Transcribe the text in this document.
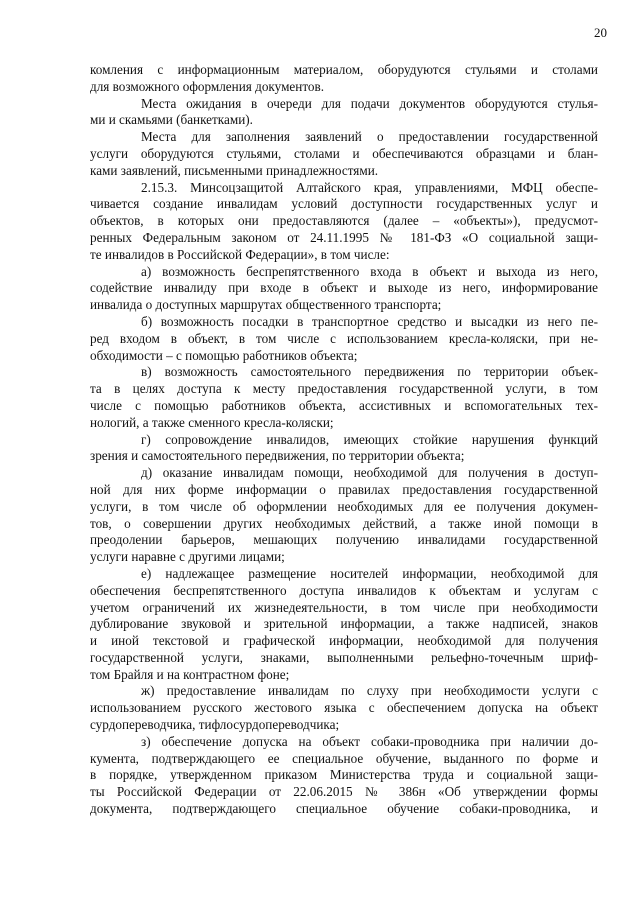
20

комления с информационным материалом, оборудуются стульями и столами

для возможного оформления документов.

Места ожидания в очереди для подачи документов оборудуются стулья-

ми и скамьями (банкетками).

Места для заполнения заявлений о предоставлении государственной

услуги оборудуются стульями, столами и обеспечиваются образцами и блан-

ками заявлений, письменными принадлежностями.

2.15.3. Минсоцзащитой Алтайского края, управлениями, МФЦ обеспе-

чивается создание инвалидам условий доступности государственных услуг и

объектов, в которых они предоставляются (далее – «объекты»), предусмот-

ренных Федеральным законом от 24.11.1995 № 181-ФЗ «О социальной защи-

те инвалидов в Российской Федерации», в том числе:

а) возможность беспрепятственного входа в объект и выхода из него,

содействие инвалиду при входе в объект и выходе из него, информирование

инвалида о доступных маршрутах общественного транспорта;

б) возможность посадки в транспортное средство и высадки из него пе-

ред входом в объект, в том числе с использованием кресла-коляски, при не-

обходимости – с помощью работников объекта;

в) возможность самостоятельного передвижения по территории объек-

та в целях доступа к месту предоставления государственной услуги, в том

числе с помощью работников объекта, ассистивных и вспомогательных тех-

нологий, а также сменного кресла-коляски;

г) сопровождение инвалидов, имеющих стойкие нарушения функций

зрения и самостоятельного передвижения, по территории объекта;

д) оказание инвалидам помощи, необходимой для получения в доступ-

ной для них форме информации о правилах предоставления государственной

услуги, в том числе об оформлении необходимых для ее получения докумен-

тов, о совершении других необходимых действий, а также иной помощи в

преодолении барьеров, мешающих получению инвалидами государственной

услуги наравне с другими лицами;

е) надлежащее размещение носителей информации, необходимой для

обеспечения беспрепятственного доступа инвалидов к объектам и услугам с

учетом ограничений их жизнедеятельности, в том числе при необходимости

дублирование звуковой и зрительной информации, а также надписей, знаков

и иной текстовой и графической информации, необходимой для получения

государственной услуги, знаками, выполненными рельефно-точечным шриф-

том Брайля и на контрастном фоне;

ж) предоставление инвалидам по слуху при необходимости услуги с

использованием русского жестового языка с обеспечением допуска на объект

сурдопереводчика, тифлосурдопереводчика;

з) обеспечение допуска на объект собаки-проводника при наличии до-

кумента, подтверждающего ее специальное обучение, выданного по форме и

в порядке, утвержденном приказом Министерства труда и социальной защи-

ты Российской Федерации от 22.06.2015 № 386н «Об утверждении формы

документа, подтверждающего специальное обучение собаки-проводника, и
